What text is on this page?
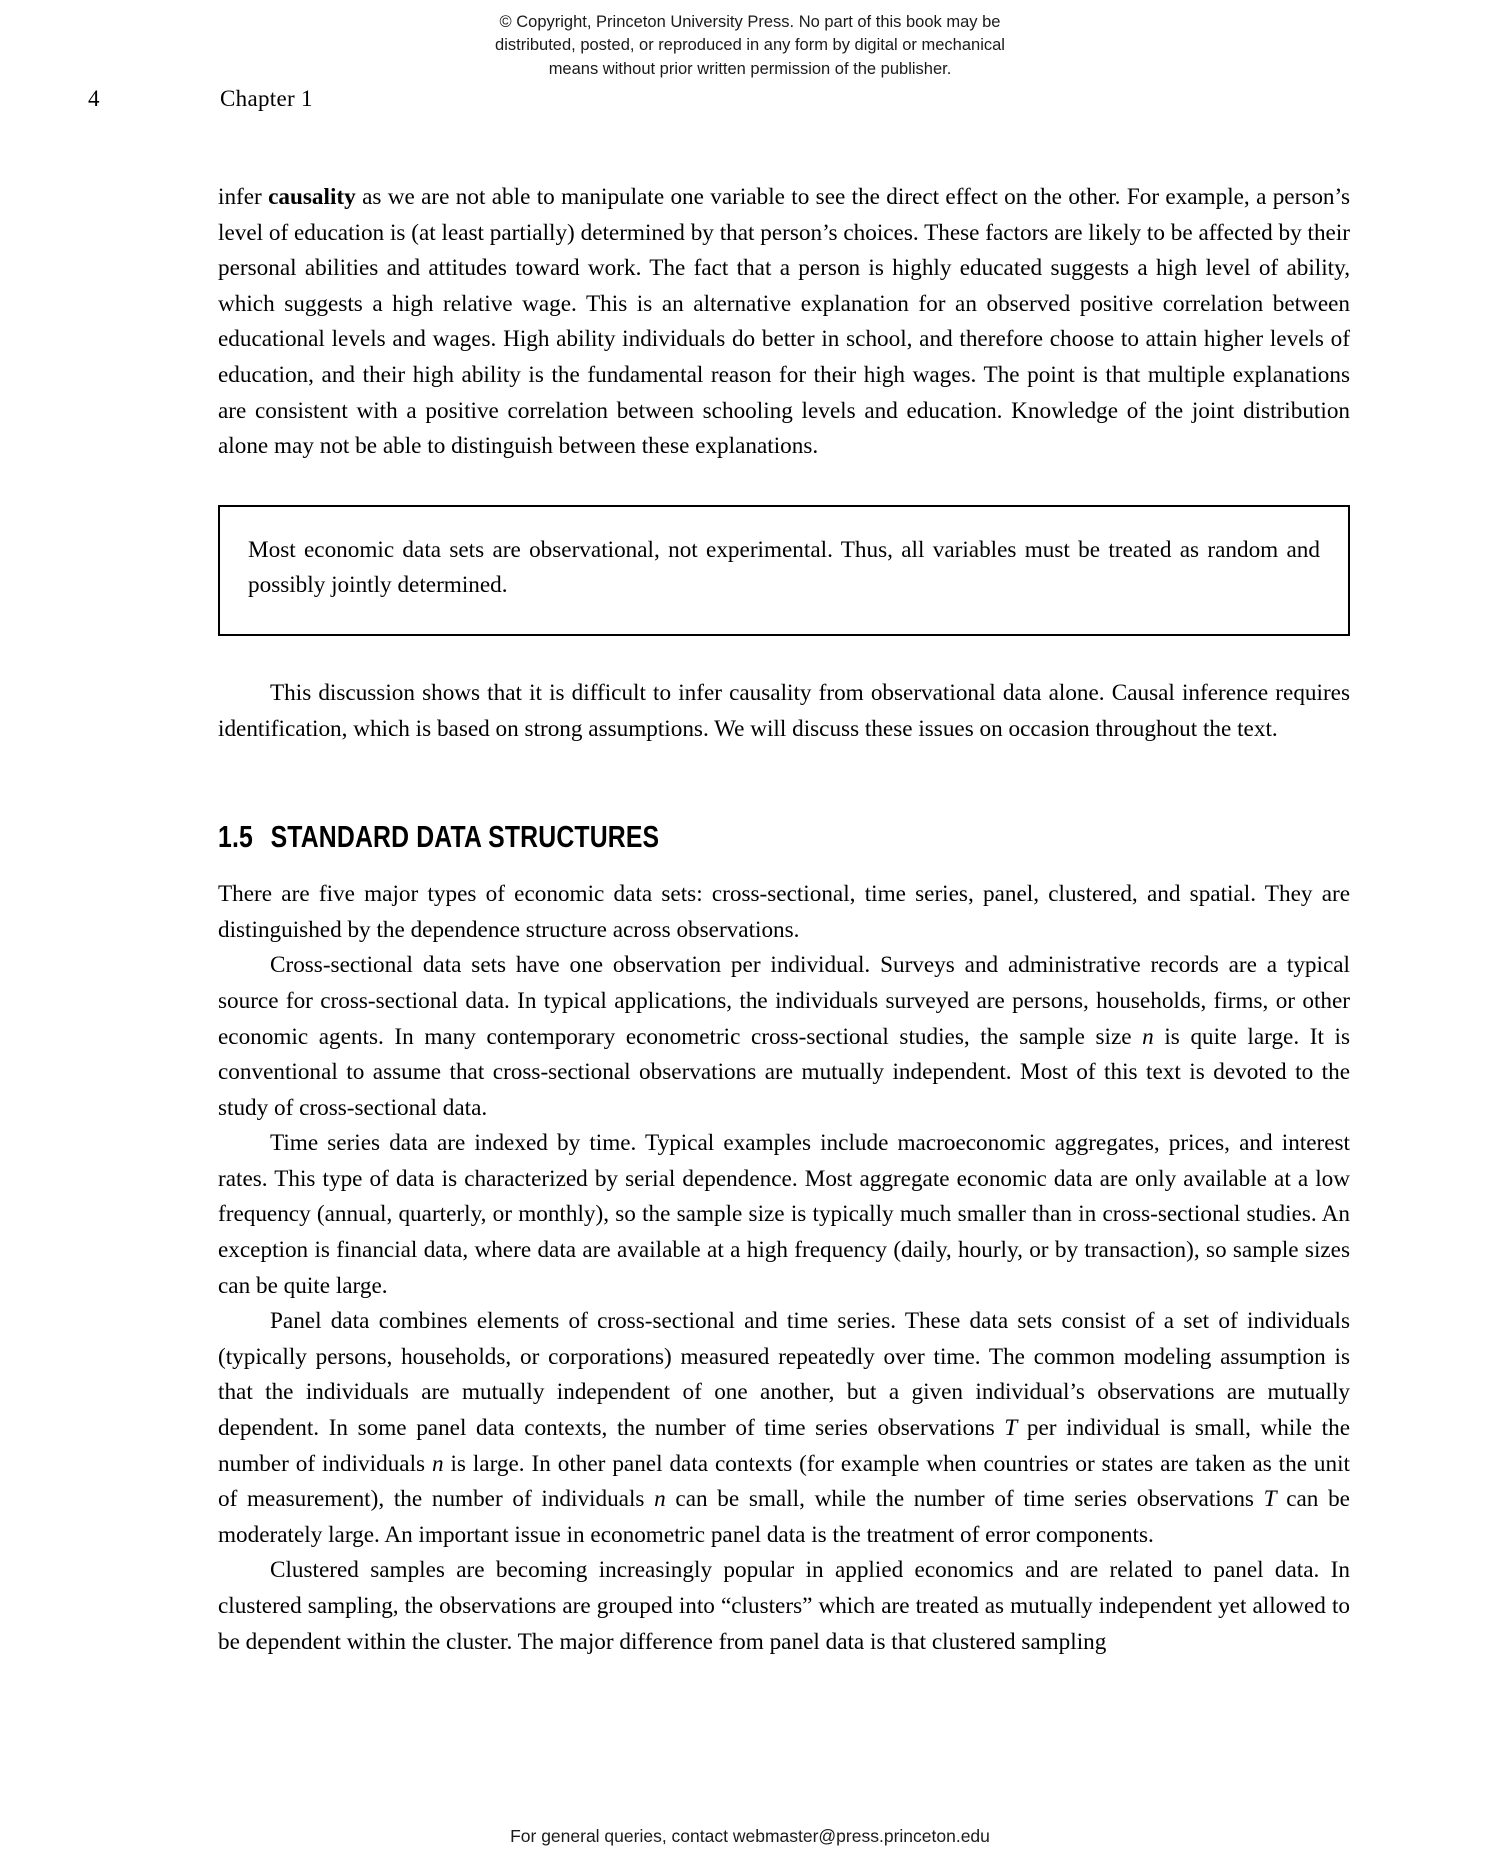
© Copyright, Princeton University Press. No part of this book may be
distributed, posted, or reproduced in any form by digital or mechanical
means without prior written permission of the publisher.
4	Chapter 1

infer causality as we are not able to manipulate one variable to see the direct effect on the other. For example, a person’s level of education is (at least partially) determined by that person’s choices. These factors are likely to be affected by their personal abilities and attitudes toward work. The fact that a person is highly educated suggests a high level of ability, which suggests a high relative wage. This is an alternative explanation for an observed positive correlation between educational levels and wages. High ability individuals do better in school, and therefore choose to attain higher levels of education, and their high ability is the fundamental reason for their high wages. The point is that multiple explanations are consistent with a positive correlation between schooling levels and education. Knowledge of the joint distribution alone may not be able to distinguish between these explanations.

Most economic data sets are observational, not experimental. Thus, all variables must be treated as random and possibly jointly determined.

This discussion shows that it is difficult to infer causality from observational data alone. Causal inference requires identification, which is based on strong assumptions. We will discuss these issues on occasion throughout the text.

1.5 STANDARD DATA STRUCTURES

There are five major types of economic data sets: cross-sectional, time series, panel, clustered, and spatial. They are distinguished by the dependence structure across observations.

Cross-sectional data sets have one observation per individual. Surveys and administrative records are a typical source for cross-sectional data. In typical applications, the individuals surveyed are persons, households, firms, or other economic agents. In many contemporary econometric cross-sectional studies, the sample size n is quite large. It is conventional to assume that cross-sectional observations are mutually independent. Most of this text is devoted to the study of cross-sectional data.

Time series data are indexed by time. Typical examples include macroeconomic aggregates, prices, and interest rates. This type of data is characterized by serial dependence. Most aggregate economic data are only available at a low frequency (annual, quarterly, or monthly), so the sample size is typically much smaller than in cross-sectional studies. An exception is financial data, where data are available at a high frequency (daily, hourly, or by transaction), so sample sizes can be quite large.

Panel data combines elements of cross-sectional and time series. These data sets consist of a set of individuals (typically persons, households, or corporations) measured repeatedly over time. The common modeling assumption is that the individuals are mutually independent of one another, but a given individual’s observations are mutually dependent. In some panel data contexts, the number of time series observations T per individual is small, while the number of individuals n is large. In other panel data contexts (for example when countries or states are taken as the unit of measurement), the number of individuals n can be small, while the number of time series observations T can be moderately large. An important issue in econometric panel data is the treatment of error components.

Clustered samples are becoming increasingly popular in applied economics and are related to panel data. In clustered sampling, the observations are grouped into “clusters” which are treated as mutually independent yet allowed to be dependent within the cluster. The major difference from panel data is that clustered sampling

For general queries, contact webmaster@press.princeton.edu
